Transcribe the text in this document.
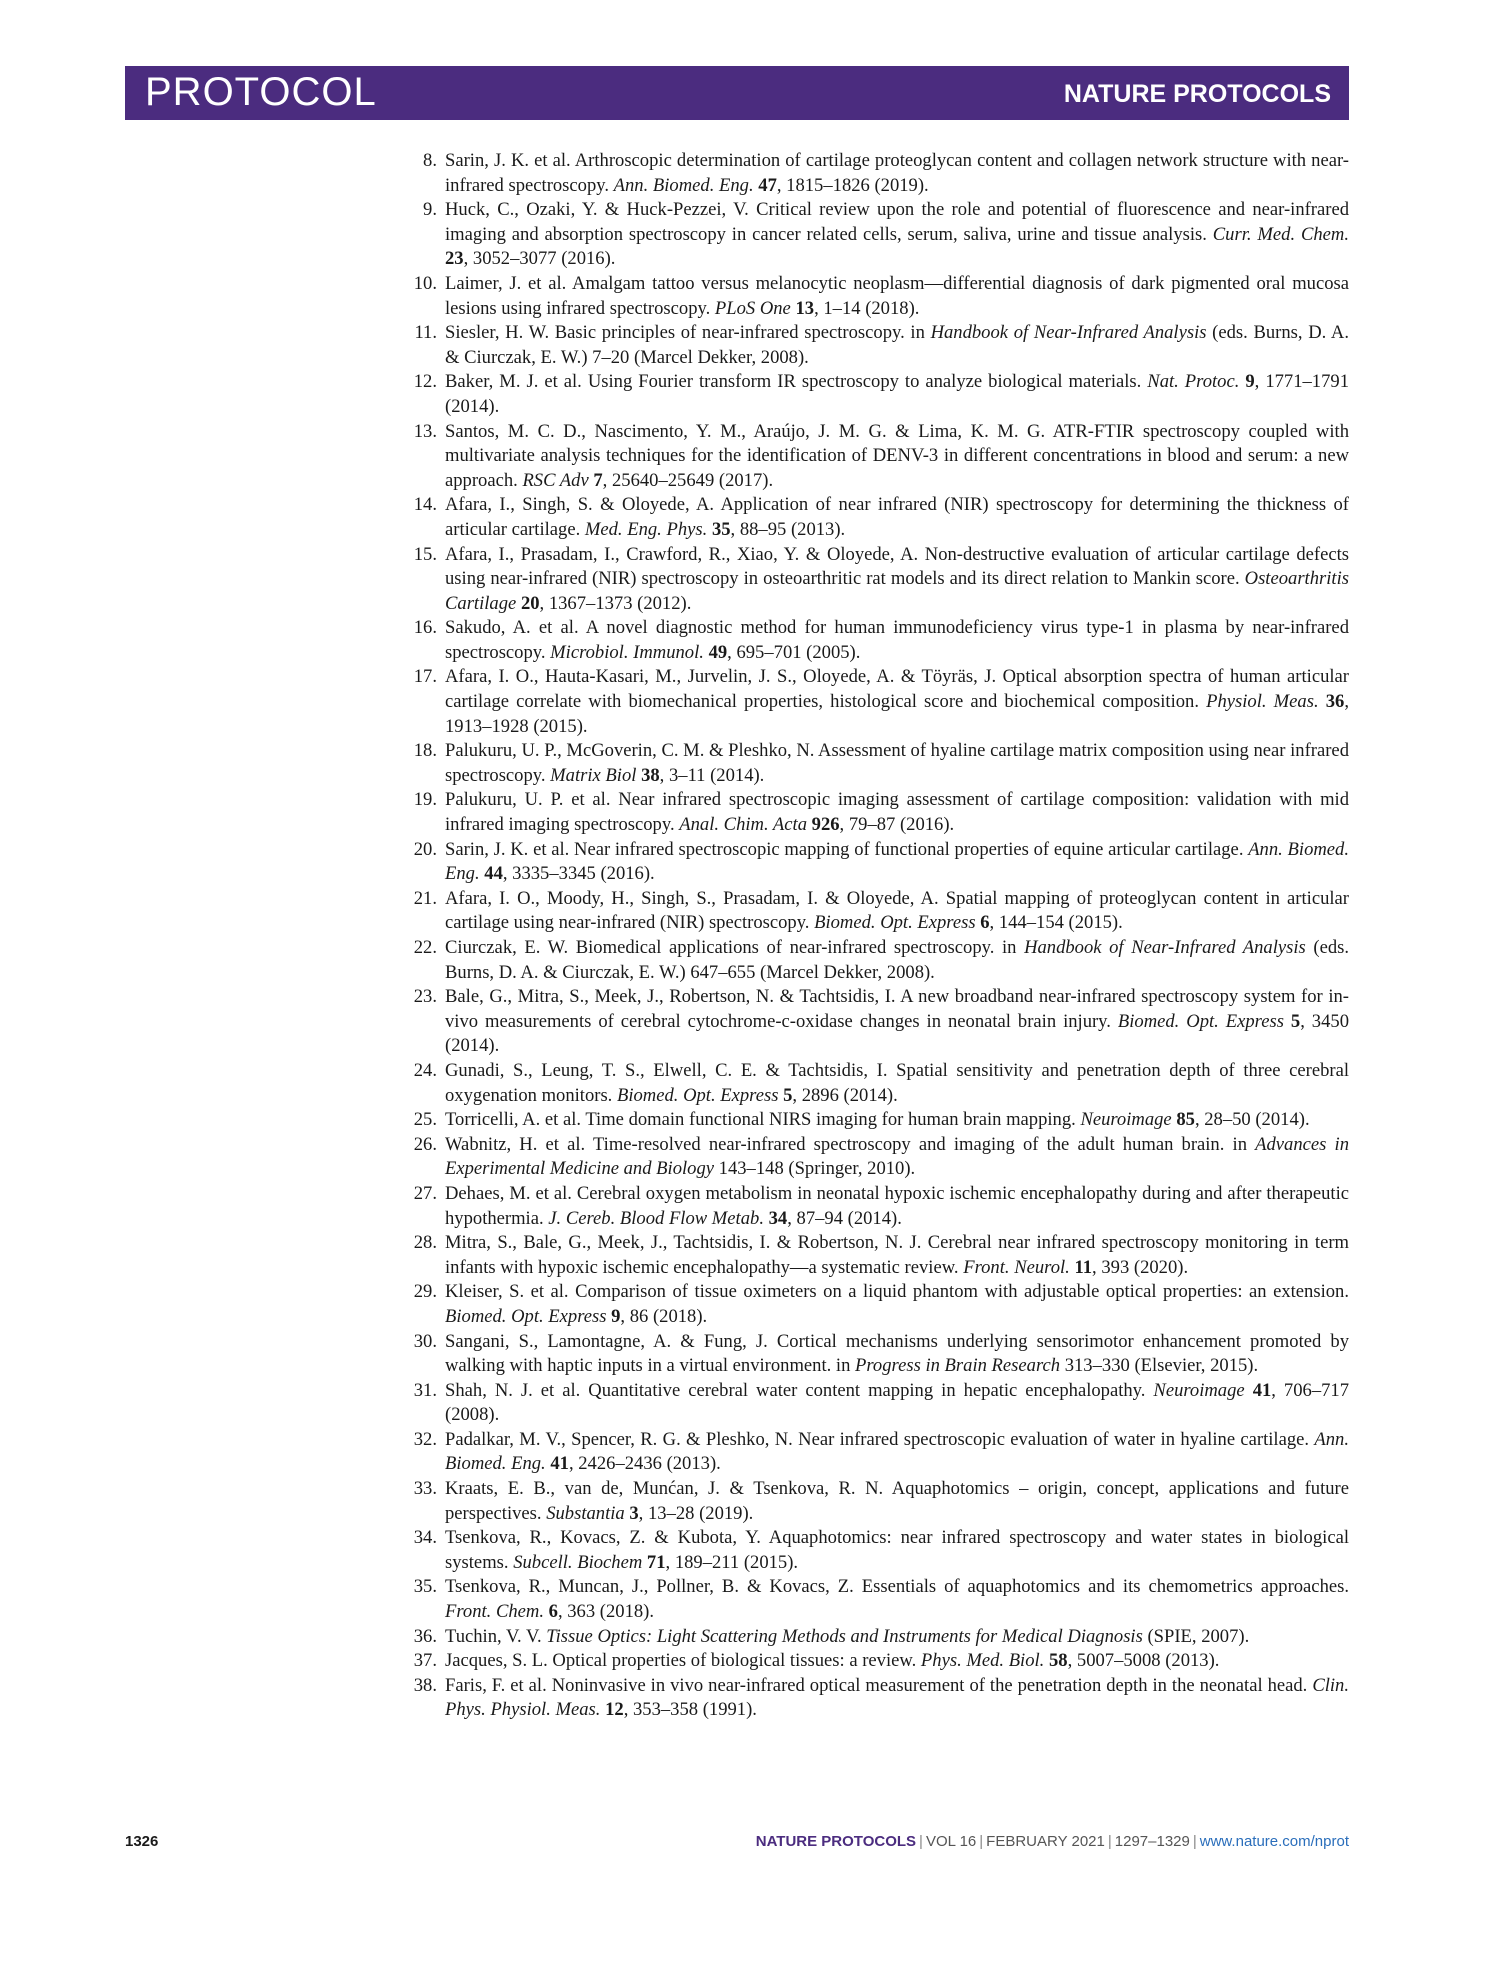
PROTOCOL	NATURE PROTOCOLS
8. Sarin, J. K. et al. Arthroscopic determination of cartilage proteoglycan content and collagen network structure with near-infrared spectroscopy. Ann. Biomed. Eng. 47, 1815–1826 (2019).
9. Huck, C., Ozaki, Y. & Huck-Pezzei, V. Critical review upon the role and potential of fluorescence and near-infrared imaging and absorption spectroscopy in cancer related cells, serum, saliva, urine and tissue analysis. Curr. Med. Chem. 23, 3052–3077 (2016).
10. Laimer, J. et al. Amalgam tattoo versus melanocytic neoplasm—differential diagnosis of dark pigmented oral mucosa lesions using infrared spectroscopy. PLoS One 13, 1–14 (2018).
11. Siesler, H. W. Basic principles of near-infrared spectroscopy. in Handbook of Near-Infrared Analysis (eds. Burns, D. A. & Ciurczak, E. W.) 7–20 (Marcel Dekker, 2008).
12. Baker, M. J. et al. Using Fourier transform IR spectroscopy to analyze biological materials. Nat. Protoc. 9, 1771–1791 (2014).
13. Santos, M. C. D., Nascimento, Y. M., Araújo, J. M. G. & Lima, K. M. G. ATR-FTIR spectroscopy coupled with multivariate analysis techniques for the identification of DENV-3 in different concentrations in blood and serum: a new approach. RSC Adv 7, 25640–25649 (2017).
14. Afara, I., Singh, S. & Oloyede, A. Application of near infrared (NIR) spectroscopy for determining the thickness of articular cartilage. Med. Eng. Phys. 35, 88–95 (2013).
15. Afara, I., Prasadam, I., Crawford, R., Xiao, Y. & Oloyede, A. Non-destructive evaluation of articular cartilage defects using near-infrared (NIR) spectroscopy in osteoarthritic rat models and its direct relation to Mankin score. Osteoarthritis Cartilage 20, 1367–1373 (2012).
16. Sakudo, A. et al. A novel diagnostic method for human immunodeficiency virus type-1 in plasma by near-infrared spectroscopy. Microbiol. Immunol. 49, 695–701 (2005).
17. Afara, I. O., Hauta-Kasari, M., Jurvelin, J. S., Oloyede, A. & Töyräs, J. Optical absorption spectra of human articular cartilage correlate with biomechanical properties, histological score and biochemical composition. Physiol. Meas. 36, 1913–1928 (2015).
18. Palukuru, U. P., McGoverin, C. M. & Pleshko, N. Assessment of hyaline cartilage matrix composition using near infrared spectroscopy. Matrix Biol 38, 3–11 (2014).
19. Palukuru, U. P. et al. Near infrared spectroscopic imaging assessment of cartilage composition: validation with mid infrared imaging spectroscopy. Anal. Chim. Acta 926, 79–87 (2016).
20. Sarin, J. K. et al. Near infrared spectroscopic mapping of functional properties of equine articular cartilage. Ann. Biomed. Eng. 44, 3335–3345 (2016).
21. Afara, I. O., Moody, H., Singh, S., Prasadam, I. & Oloyede, A. Spatial mapping of proteoglycan content in articular cartilage using near-infrared (NIR) spectroscopy. Biomed. Opt. Express 6, 144–154 (2015).
22. Ciurczak, E. W. Biomedical applications of near-infrared spectroscopy. in Handbook of Near-Infrared Analysis (eds. Burns, D. A. & Ciurczak, E. W.) 647–655 (Marcel Dekker, 2008).
23. Bale, G., Mitra, S., Meek, J., Robertson, N. & Tachtsidis, I. A new broadband near-infrared spectroscopy system for in-vivo measurements of cerebral cytochrome-c-oxidase changes in neonatal brain injury. Biomed. Opt. Express 5, 3450 (2014).
24. Gunadi, S., Leung, T. S., Elwell, C. E. & Tachtsidis, I. Spatial sensitivity and penetration depth of three cerebral oxygenation monitors. Biomed. Opt. Express 5, 2896 (2014).
25. Torricelli, A. et al. Time domain functional NIRS imaging for human brain mapping. Neuroimage 85, 28–50 (2014).
26. Wabnitz, H. et al. Time-resolved near-infrared spectroscopy and imaging of the adult human brain. in Advances in Experimental Medicine and Biology 143–148 (Springer, 2010).
27. Dehaes, M. et al. Cerebral oxygen metabolism in neonatal hypoxic ischemic encephalopathy during and after therapeutic hypothermia. J. Cereb. Blood Flow Metab. 34, 87–94 (2014).
28. Mitra, S., Bale, G., Meek, J., Tachtsidis, I. & Robertson, N. J. Cerebral near infrared spectroscopy monitoring in term infants with hypoxic ischemic encephalopathy—a systematic review. Front. Neurol. 11, 393 (2020).
29. Kleiser, S. et al. Comparison of tissue oximeters on a liquid phantom with adjustable optical properties: an extension. Biomed. Opt. Express 9, 86 (2018).
30. Sangani, S., Lamontagne, A. & Fung, J. Cortical mechanisms underlying sensorimotor enhancement promoted by walking with haptic inputs in a virtual environment. in Progress in Brain Research 313–330 (Elsevier, 2015).
31. Shah, N. J. et al. Quantitative cerebral water content mapping in hepatic encephalopathy. Neuroimage 41, 706–717 (2008).
32. Padalkar, M. V., Spencer, R. G. & Pleshko, N. Near infrared spectroscopic evaluation of water in hyaline cartilage. Ann. Biomed. Eng. 41, 2426–2436 (2013).
33. Kraats, E. B., van de, Munćan, J. & Tsenkova, R. N. Aquaphotomics – origin, concept, applications and future perspectives. Substantia 3, 13–28 (2019).
34. Tsenkova, R., Kovacs, Z. & Kubota, Y. Aquaphotomics: near infrared spectroscopy and water states in biological systems. Subcell. Biochem 71, 189–211 (2015).
35. Tsenkova, R., Muncan, J., Pollner, B. & Kovacs, Z. Essentials of aquaphotomics and its chemometrics approaches. Front. Chem. 6, 363 (2018).
36. Tuchin, V. V. Tissue Optics: Light Scattering Methods and Instruments for Medical Diagnosis (SPIE, 2007).
37. Jacques, S. L. Optical properties of biological tissues: a review. Phys. Med. Biol. 58, 5007–5008 (2013).
38. Faris, F. et al. Noninvasive in vivo near-infrared optical measurement of the penetration depth in the neonatal head. Clin. Phys. Physiol. Meas. 12, 353–358 (1991).
1326	NATURE PROTOCOLS | VOL 16 | FEBRUARY 2021 | 1297–1329 | www.nature.com/nprot
